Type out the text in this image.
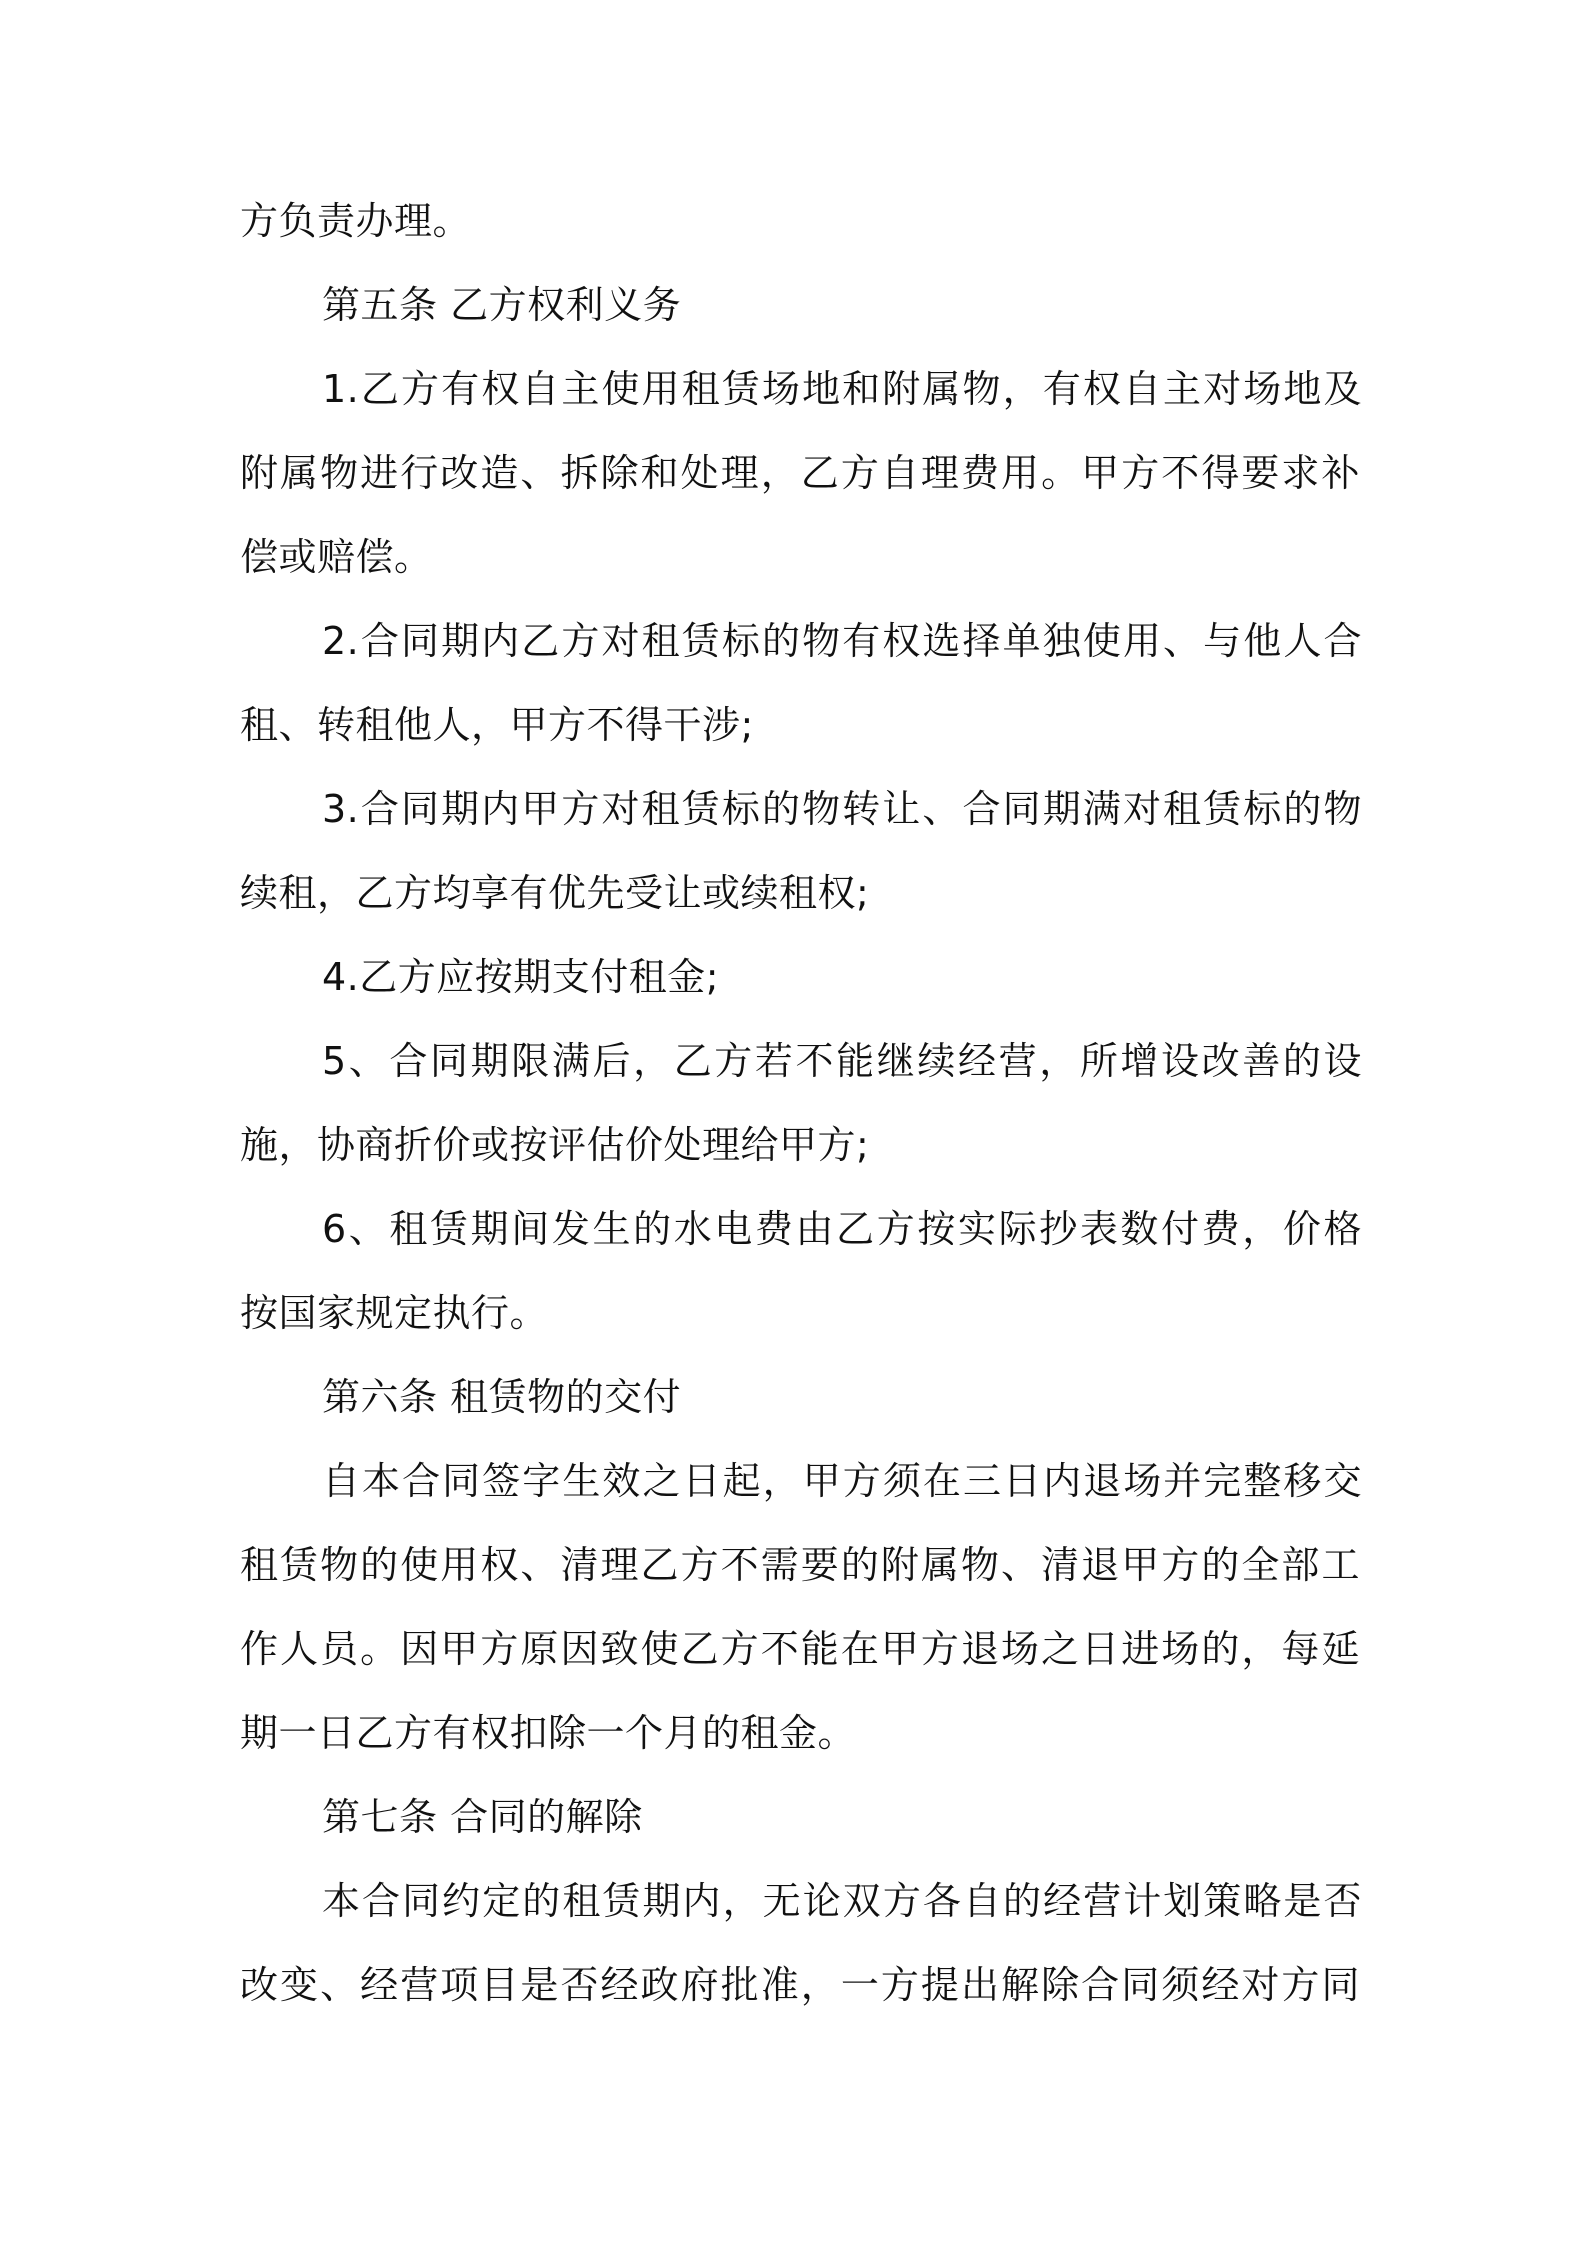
方负责办理。
第五条 乙方权利义务
1.乙方有权自主使用租赁场地和附属物，有权自主对场地及
附属物进行改造、拆除和处理，乙方自理费用。甲方不得要求补
偿或赔偿。
2.合同期内乙方对租赁标的物有权选择单独使用、与他人合
租、转租他人，甲方不得干涉;
3.合同期内甲方对租赁标的物转让、合同期满对租赁标的物
续租，乙方均享有优先受让或续租权;
4.乙方应按期支付租金;
5、合同期限满后，乙方若不能继续经营，所增设改善的设
施，协商折价或按评估价处理给甲方;
6、租赁期间发生的水电费由乙方按实际抄表数付费，价格
按国家规定执行。
第六条 租赁物的交付
自本合同签字生效之日起，甲方须在三日内退场并完整移交
租赁物的使用权、清理乙方不需要的附属物、清退甲方的全部工
作人员。因甲方原因致使乙方不能在甲方退场之日进场的，每延
期一日乙方有权扣除一个月的租金。
第七条 合同的解除
本合同约定的租赁期内，无论双方各自的经营计划策略是否
改变、经营项目是否经政府批准，一方提出解除合同须经对方同
